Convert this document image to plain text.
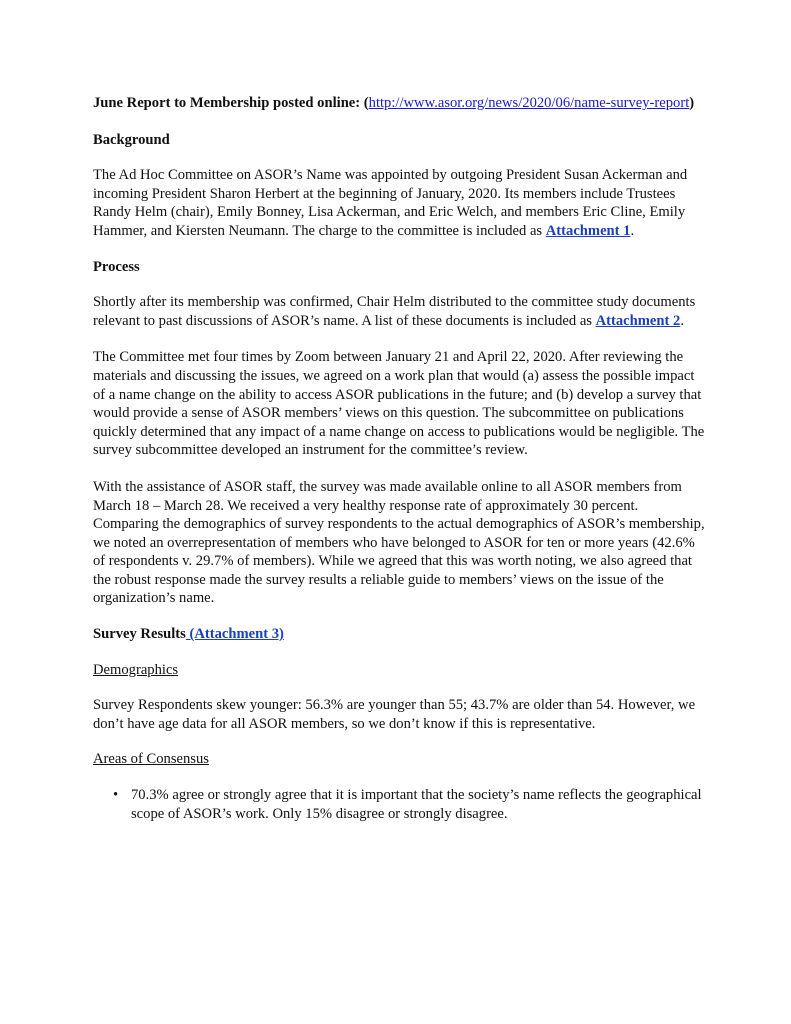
June Report to Membership posted online: (http://www.asor.org/news/2020/06/name-survey-report)

Background

The Ad Hoc Committee on ASOR’s Name was appointed by outgoing President Susan Ackerman and incoming President Sharon Herbert at the beginning of January, 2020. Its members include Trustees Randy Helm (chair), Emily Bonney, Lisa Ackerman, and Eric Welch, and members Eric Cline, Emily Hammer, and Kiersten Neumann. The charge to the committee is included as Attachment 1.

Process

Shortly after its membership was confirmed, Chair Helm distributed to the committee study documents relevant to past discussions of ASOR’s name. A list of these documents is included as Attachment 2.

The Committee met four times by Zoom between January 21 and April 22, 2020. After reviewing the materials and discussing the issues, we agreed on a work plan that would (a) assess the possible impact of a name change on the ability to access ASOR publications in the future; and (b) develop a survey that would provide a sense of ASOR members’ views on this question. The subcommittee on publications quickly determined that any impact of a name change on access to publications would be negligible. The survey subcommittee developed an instrument for the committee’s review.

With the assistance of ASOR staff, the survey was made available online to all ASOR members from March 18 – March 28. We received a very healthy response rate of approximately 30 percent. Comparing the demographics of survey respondents to the actual demographics of ASOR’s membership, we noted an overrepresentation of members who have belonged to ASOR for ten or more years (42.6% of respondents v. 29.7% of members). While we agreed that this was worth noting, we also agreed that the robust response made the survey results a reliable guide to members’ views on the issue of the organization’s name.

Survey Results (Attachment 3)

Demographics

Survey Respondents skew younger: 56.3% are younger than 55; 43.7% are older than 54. However, we don’t have age data for all ASOR members, so we don’t know if this is representative.

Areas of Consensus

• 70.3% agree or strongly agree that it is important that the society’s name reflects the geographical scope of ASOR’s work. Only 15% disagree or strongly disagree.
